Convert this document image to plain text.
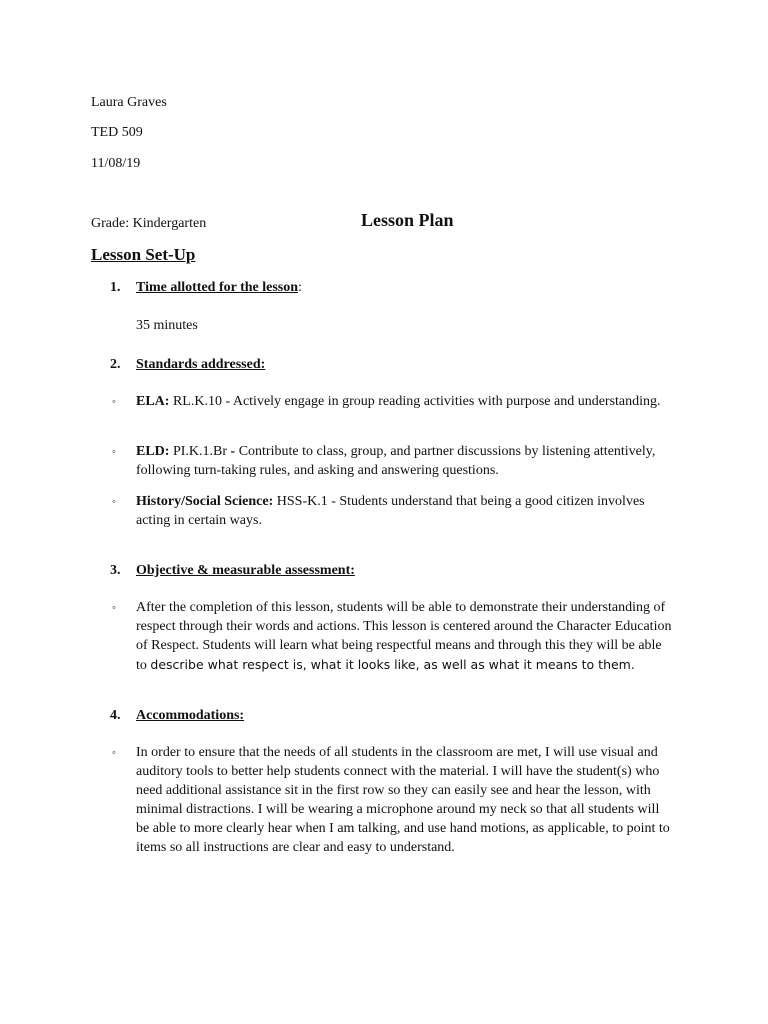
Laura Graves
TED 509
11/08/19
Grade: Kindergarten	Lesson Plan
Lesson Set-Up
1. Time allotted for the lesson:
35 minutes
2. Standards addressed:
◦ ELA: RL.K.10 - Actively engage in group reading activities with purpose and understanding.
◦ ELD: PI.K.1.Br - Contribute to class, group, and partner discussions by listening attentively, following turn-taking rules, and asking and answering questions.
◦ History/Social Science: HSS-K.1 - Students understand that being a good citizen involves acting in certain ways.
3. Objective & measurable assessment:
◦ After the completion of this lesson, students will be able to demonstrate their understanding of respect through their words and actions. This lesson is centered around the Character Education of Respect. Students will learn what being respectful means and through this they will be able to describe what respect is, what it looks like, as well as what it means to them.
4. Accommodations:
◦ In order to ensure that the needs of all students in the classroom are met, I will use visual and auditory tools to better help students connect with the material. I will have the student(s) who need additional assistance sit in the first row so they can easily see and hear the lesson, with minimal distractions. I will be wearing a microphone around my neck so that all students will be able to more clearly hear when I am talking, and use hand motions, as applicable, to point to items so all instructions are clear and easy to understand.
